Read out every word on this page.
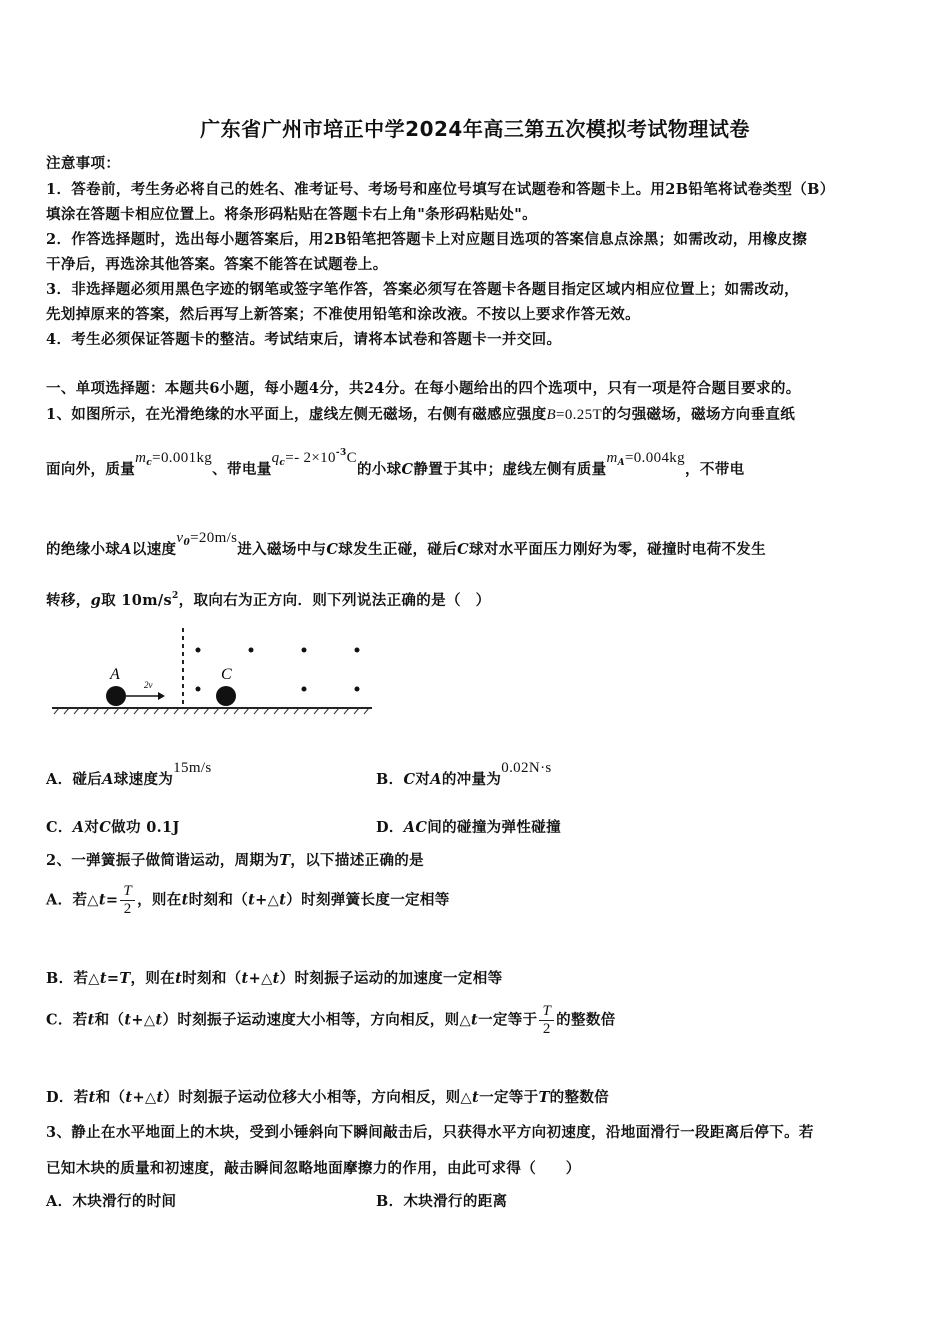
广东省广州市培正中学2024年高三第五次模拟考试物理试卷
注意事项：
1．答卷前，考生务必将自己的姓名、准考证号、考场号和座位号填写在试题卷和答题卡上。用2B铅笔将试卷类型（B）
填涂在答题卡相应位置上。将条形码粘贴在答题卡右上角"条形码粘贴处"。
2．作答选择题时，选出每小题答案后，用2B铅笔把答题卡上对应题目选项的答案信息点涂黑；如需改动，用橡皮擦
干净后，再选涂其他答案。答案不能答在试题卷上。
3．非选择题必须用黑色字迹的钢笔或签字笔作答，答案必须写在答题卡各题目指定区域内相应位置上；如需改动，
先划掉原来的答案，然后再写上新答案；不准使用铅笔和涂改液。不按以上要求作答无效。
4．考生必须保证答题卡的整洁。考试结束后，请将本试卷和答题卡一并交回。
一、单项选择题：本题共6小题，每小题4分，共24分。在每小题给出的四个选项中，只有一项是符合题目要求的。
1、如图所示，在光滑绝缘的水平面上，虚线左侧无磁场，右侧有磁感应强度B=0.25T的匀强磁场，磁场方向垂直纸
面向外，质量$m_c=0.001kg$、带电量$q_c=-$ $2\times 10^{-3}C$的小球C静置于其中；虚线左侧有质量$m_A=0.004kg$，不带电
的绝缘小球A以速度$v_0=20m/s$进入磁场中与C球发生正碰，碰后C球对水平面压力刚好为零，碰撞时电荷不发生
转移，g取 $10m/s^2$，取向右为正方向．则下列说法正确的是（　）
A	C
2v
A．碰后A球速度为15m/s
B．C对A的冲量为0.02N·s
C．A对C做功 0.1J	D．AC间的碰撞为弹性碰撞
2、一弹簧振子做简谐运动，周期为T，以下描述正确的是
A．若△t= $\frac{T}{2}$ ，则在t时刻和（t+△t）时刻弹簧长度一定相等
B．若△t=T，则在t时刻和（t+△t）时刻振子运动的加速度一定相等
C．若t和（t+△t）时刻振子运动速度大小相等，方向相反，则△t一定等于 $\frac{T}{2}$ 的整数倍
D．若t和（t+△t）时刻振子运动位移大小相等，方向相反，则△t一定等于T的整数倍
3、静止在水平地面上的木块，受到小锤斜向下瞬间敲击后，只获得水平方向初速度，沿地面滑行一段距离后停下。若
已知木块的质量和初速度，敲击瞬间忽略地面摩擦力的作用，由此可求得（　　）
A．木块滑行的时间	B．木块滑行的距离
